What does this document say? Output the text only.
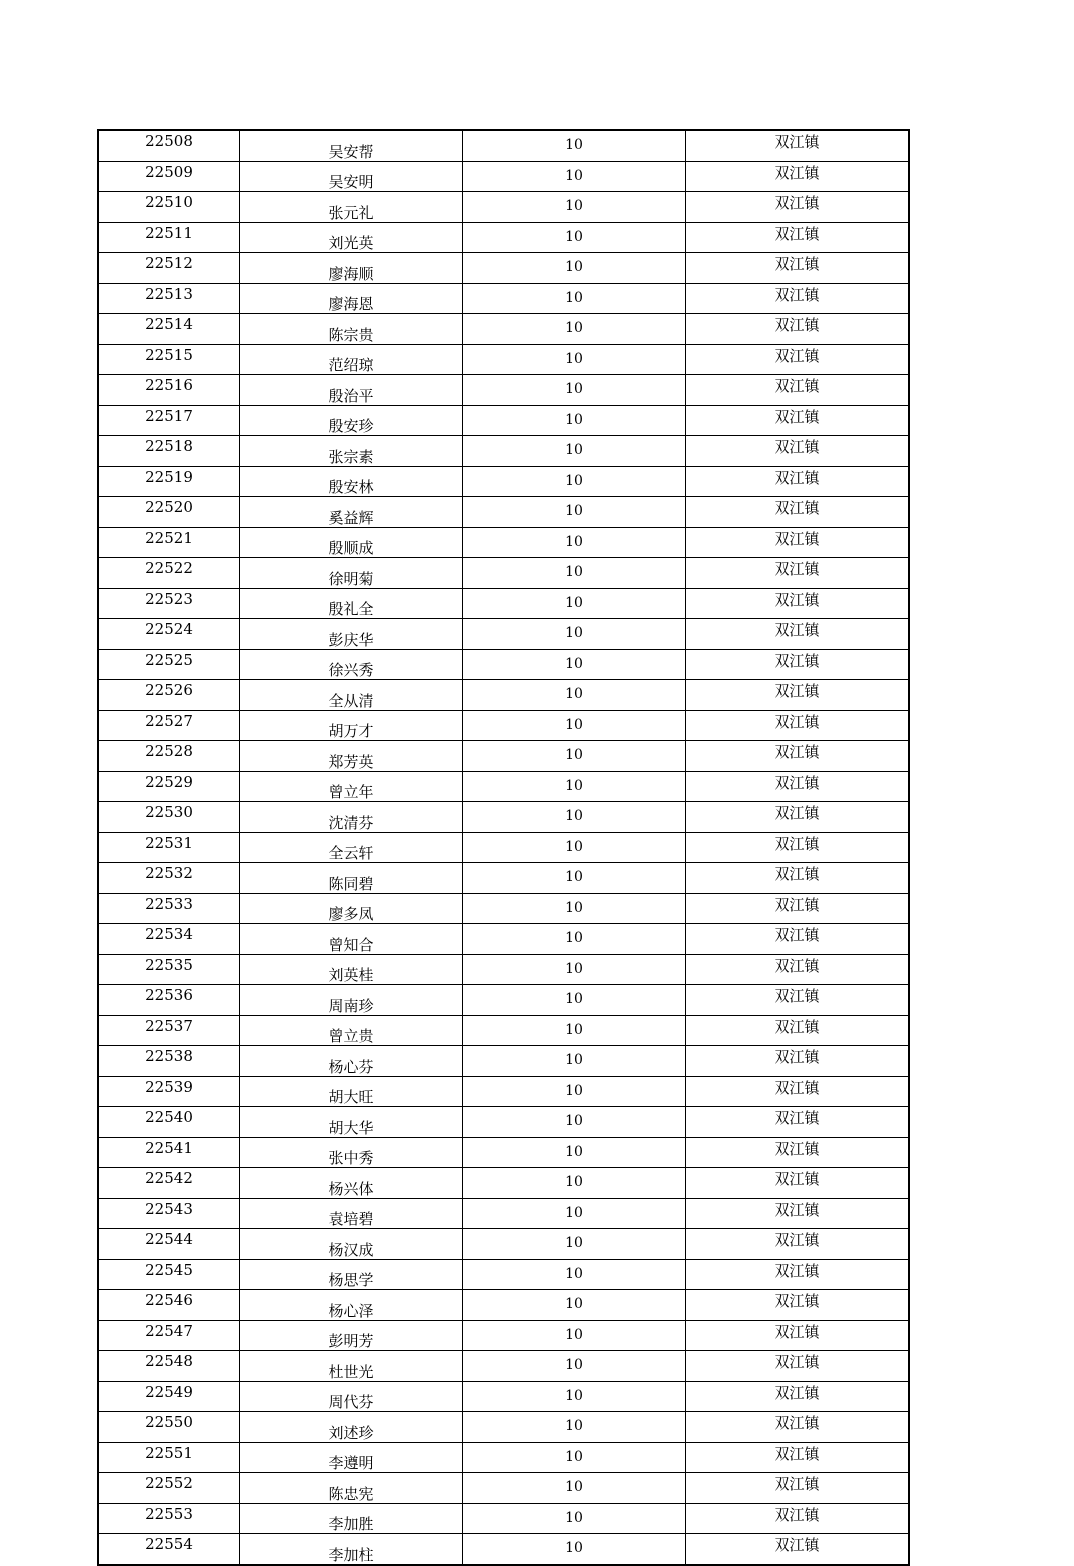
22508	吴安帮	10	双江镇
22509	吴安明	10	双江镇
22510	张元礼	10	双江镇
22511	刘光英	10	双江镇
22512	廖海顺	10	双江镇
22513	廖海恩	10	双江镇
22514	陈宗贵	10	双江镇
22515	范绍琼	10	双江镇
22516	殷治平	10	双江镇
22517	殷安珍	10	双江镇
22518	张宗素	10	双江镇
22519	殷安林	10	双江镇
22520	奚益辉	10	双江镇
22521	殷顺成	10	双江镇
22522	徐明菊	10	双江镇
22523	殷礼全	10	双江镇
22524	彭庆华	10	双江镇
22525	徐兴秀	10	双江镇
22526	全从清	10	双江镇
22527	胡万才	10	双江镇
22528	郑芳英	10	双江镇
22529	曾立年	10	双江镇
22530	沈清芬	10	双江镇
22531	全云轩	10	双江镇
22532	陈同碧	10	双江镇
22533	廖多凤	10	双江镇
22534	曾知合	10	双江镇
22535	刘英桂	10	双江镇
22536	周南珍	10	双江镇
22537	曾立贵	10	双江镇
22538	杨心芬	10	双江镇
22539	胡大旺	10	双江镇
22540	胡大华	10	双江镇
22541	张中秀	10	双江镇
22542	杨兴体	10	双江镇
22543	袁培碧	10	双江镇
22544	杨汉成	10	双江镇
22545	杨思学	10	双江镇
22546	杨心泽	10	双江镇
22547	彭明芳	10	双江镇
22548	杜世光	10	双江镇
22549	周代芬	10	双江镇
22550	刘述珍	10	双江镇
22551	李遵明	10	双江镇
22552	陈忠宪	10	双江镇
22553	李加胜	10	双江镇
22554	李加柱	10	双江镇
